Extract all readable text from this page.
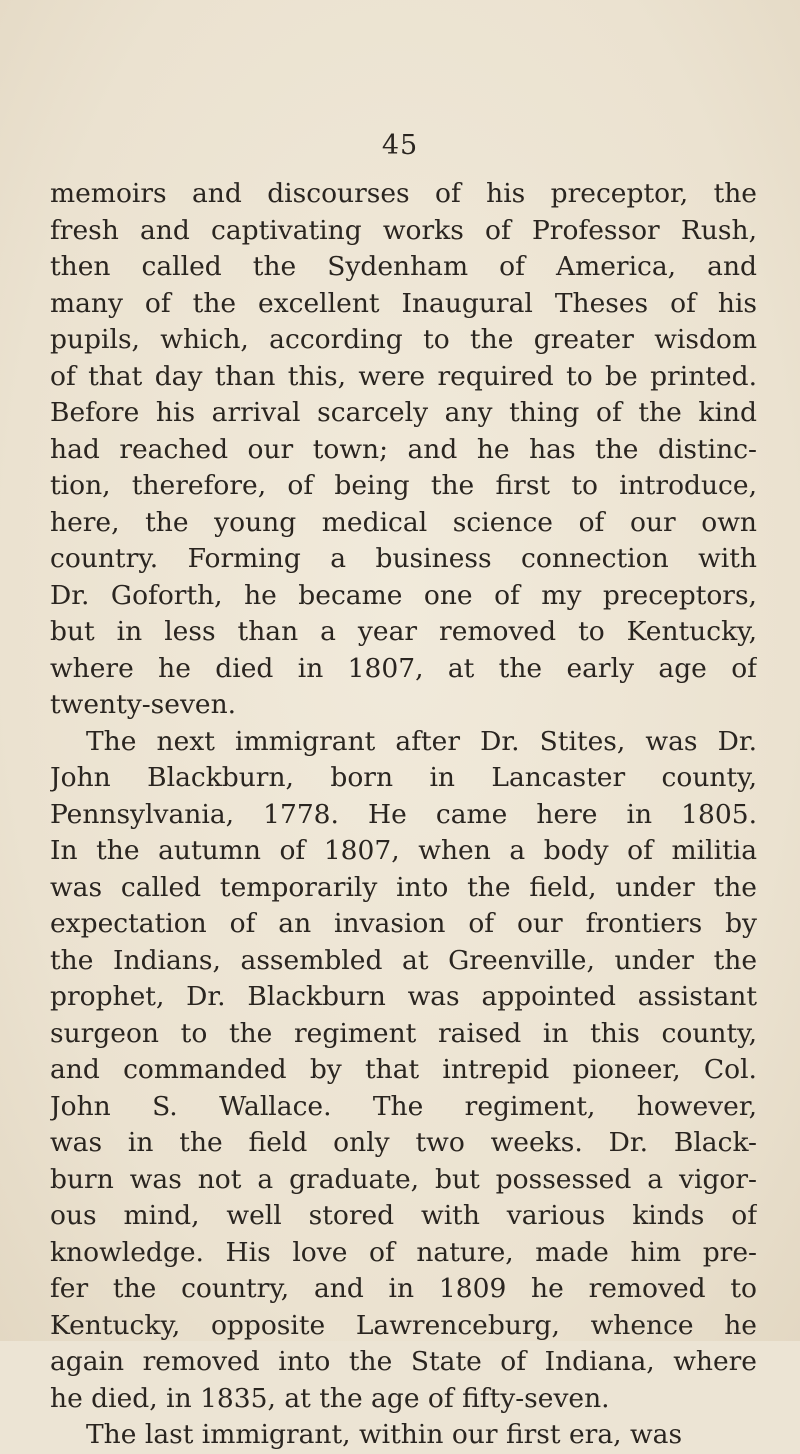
45
memoirs and discourses of his preceptor, the
fresh and captivating works of Professor Rush,
then called the Sydenham of America, and
many of the excellent Inaugural Theses of his
pupils, which, according to the greater wisdom
of that day than this, were required to be printed.
Before his arrival scarcely any thing of the kind
had reached our town; and he has the distinc-
tion, therefore, of being the first to introduce,
here, the young medical science of our own
country. Forming a business connection with
Dr. Goforth, he became one of my preceptors,
but in less than a year removed to Kentucky,
where he died in 1807, at the early age of
twenty-seven.
The next immigrant after Dr. Stites, was Dr.
John Blackburn, born in Lancaster county,
Pennsylvania, 1778. He came here in 1805.
In the autumn of 1807, when a body of militia
was called temporarily into the field, under the
expectation of an invasion of our frontiers by
the Indians, assembled at Greenville, under the
prophet, Dr. Blackburn was appointed assistant
surgeon to the regiment raised in this county,
and commanded by that intrepid pioneer, Col.
John S. Wallace. The regiment, however,
was in the field only two weeks. Dr. Black-
burn was not a graduate, but possessed a vigor-
ous mind, well stored with various kinds of
knowledge. His love of nature, made him pre-
fer the country, and in 1809 he removed to
Kentucky, opposite Lawrenceburg, whence he
again removed into the State of Indiana, where
he died, in 1835, at the age of fifty-seven.
The last immigrant, within our first era, was
